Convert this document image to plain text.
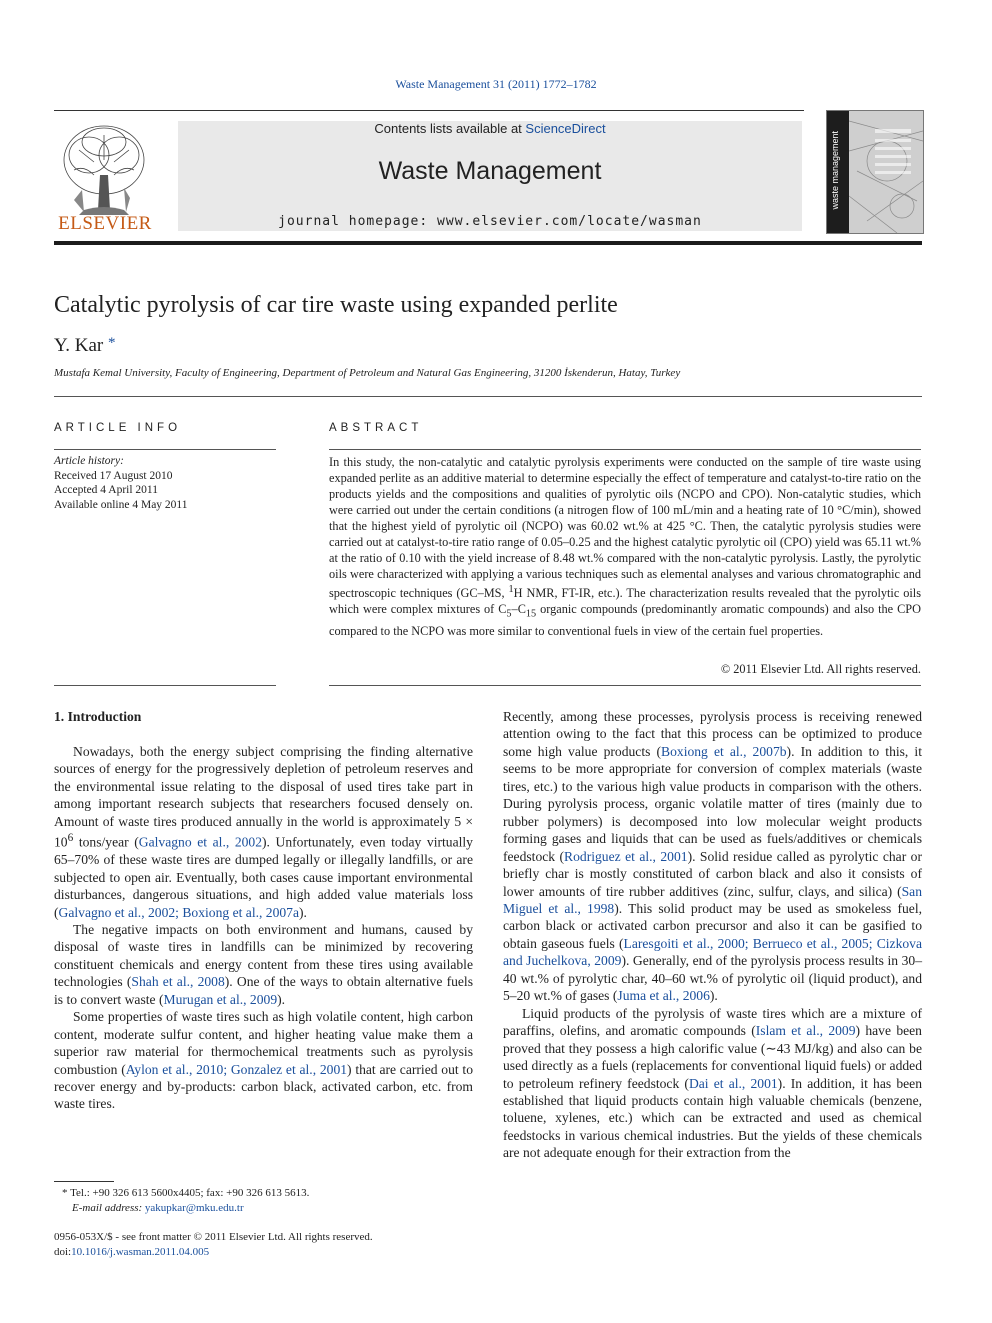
Waste Management 31 (2011) 1772–1782
ELSEVIER
Contents lists available at ScienceDirect
Waste Management
journal homepage: www.elsevier.com/locate/wasman
waste management
Catalytic pyrolysis of car tire waste using expanded perlite
Y. Kar *
Mustafa Kemal University, Faculty of Engineering, Department of Petroleum and Natural Gas Engineering, 31200 İskenderun, Hatay, Turkey
ARTICLE INFO
Article history:
Received 17 August 2010
Accepted 4 April 2011
Available online 4 May 2011
ABSTRACT

In this study, the non-catalytic and catalytic pyrolysis experiments were conducted on the sample of tire waste using expanded perlite as an additive material to determine especially the effect of temperature and catalyst-to-tire ratio on the products yields and the compositions and qualities of pyrolytic oils (NCPO and CPO). Non-catalytic studies, which were carried out under the certain conditions (a nitrogen flow of 100 mL/min and a heating rate of 10 °C/min), showed that the highest yield of pyrolytic oil (NCPO) was 60.02 wt.% at 425 °C. Then, the catalytic pyrolysis studies were carried out at catalyst-to-tire ratio range of 0.05–0.25 and the highest catalytic pyrolytic oil (CPO) yield was 65.11 wt.% at the ratio of 0.10 with the yield increase of 8.48 wt.% compared with the non-catalytic pyrolysis. Lastly, the pyrolytic oils were characterized with applying a various techniques such as elemental analyses and various chromatographic and spectroscopic techniques (GC–MS, $^1$H NMR, FT-IR, etc.). The characterization results revealed that the pyrolytic oils which were complex mixtures of $C_5-C_{15}$ organic compounds (predominantly aromatic compounds) and also the CPO compared to the NCPO was more similar to conventional fuels in view of the certain fuel properties.

© 2011 Elsevier Ltd. All rights reserved.
1. Introduction

Nowadays, both the energy subject comprising the finding alternative sources of energy for the progressively depletion of petroleum reserves and the environmental issue relating to the disposal of used tires take part in among important research subjects that researchers focused densely on. Amount of waste tires produced annually in the world is approximately $5 \times 10^6$ tons/year (Galvagno et al., 2002). Unfortunately, even today virtually 65–70% of these waste tires are dumped legally or illegally landfills, or are subjected to open air. Eventually, both cases cause important environmental disturbances, dangerous situations, and high added value materials loss (Galvagno et al., 2002; Boxiong et al., 2007a).

The negative impacts on both environment and humans, caused by disposal of waste tires in landfills can be minimized by recovering constituent chemicals and energy content from these tires using available technologies (Shah et al., 2008). One of the ways to obtain alternative fuels is to convert waste (Murugan et al., 2009).

Some properties of waste tires such as high volatile content, high carbon content, moderate sulfur content, and higher heating value make them a superior raw material for thermochemical treatments such as pyrolysis combustion (Aylon et al., 2010; Gonzalez et al., 2001) that are carried out to recover energy and by-products: carbon black, activated carbon, etc. from waste tires.

Recently, among these processes, pyrolysis process is receiving renewed attention owing to the fact that this process can be optimized to produce some high value products (Boxiong et al., 2007b). In addition to this, it seems to be more appropriate for conversion of complex materials (waste tires, etc.) to the various high value products in comparison with the others. During pyrolysis process, organic volatile matter of tires (mainly due to rubber polymers) is decomposed into low molecular weight products forming gases and liquids that can be used as fuels/additives or chemicals feedstock (Rodriguez et al., 2001). Solid residue called as pyrolytic char or briefly char is mostly constituted of carbon black and also it consists of lower amounts of tire rubber additives (zinc, sulfur, clays, and silica) (San Miguel et al., 1998). This solid product may be used as smokeless fuel, carbon black or activated carbon precursor and also it can be gasified to obtain gaseous fuels (Laresgoiti et al., 2000; Berrueco et al., 2005; Cizkova and Juchelkova, 2009). Generally, end of the pyrolysis process results in 30–40 wt.% of pyrolytic char, 40–60 wt.% of pyrolytic oil (liquid product), and 5–20 wt.% of gases (Juma et al., 2006).

Liquid products of the pyrolysis of waste tires which are a mixture of paraffins, olefins, and aromatic compounds (Islam et al., 2009) have been proved that they possess a high calorific value (∼43 MJ/kg) and also can be used directly as a fuels (replacements for conventional liquid fuels) or added to petroleum refinery feedstock (Dai et al., 2001). In addition, it has been established that liquid products contain high valuable chemicals (benzene, toluene, xylenes, etc.) which can be extracted and used as chemical feedstocks in various chemical industries. But the yields of these chemicals are not adequate enough for their extraction from the

* Tel.: +90 326 613 5600x4405; fax: +90 326 613 5613.
E-mail address: yakupkar@mku.edu.tr
0956-053X/$ - see front matter © 2011 Elsevier Ltd. All rights reserved.
doi:10.1016/j.wasman.2011.04.005
